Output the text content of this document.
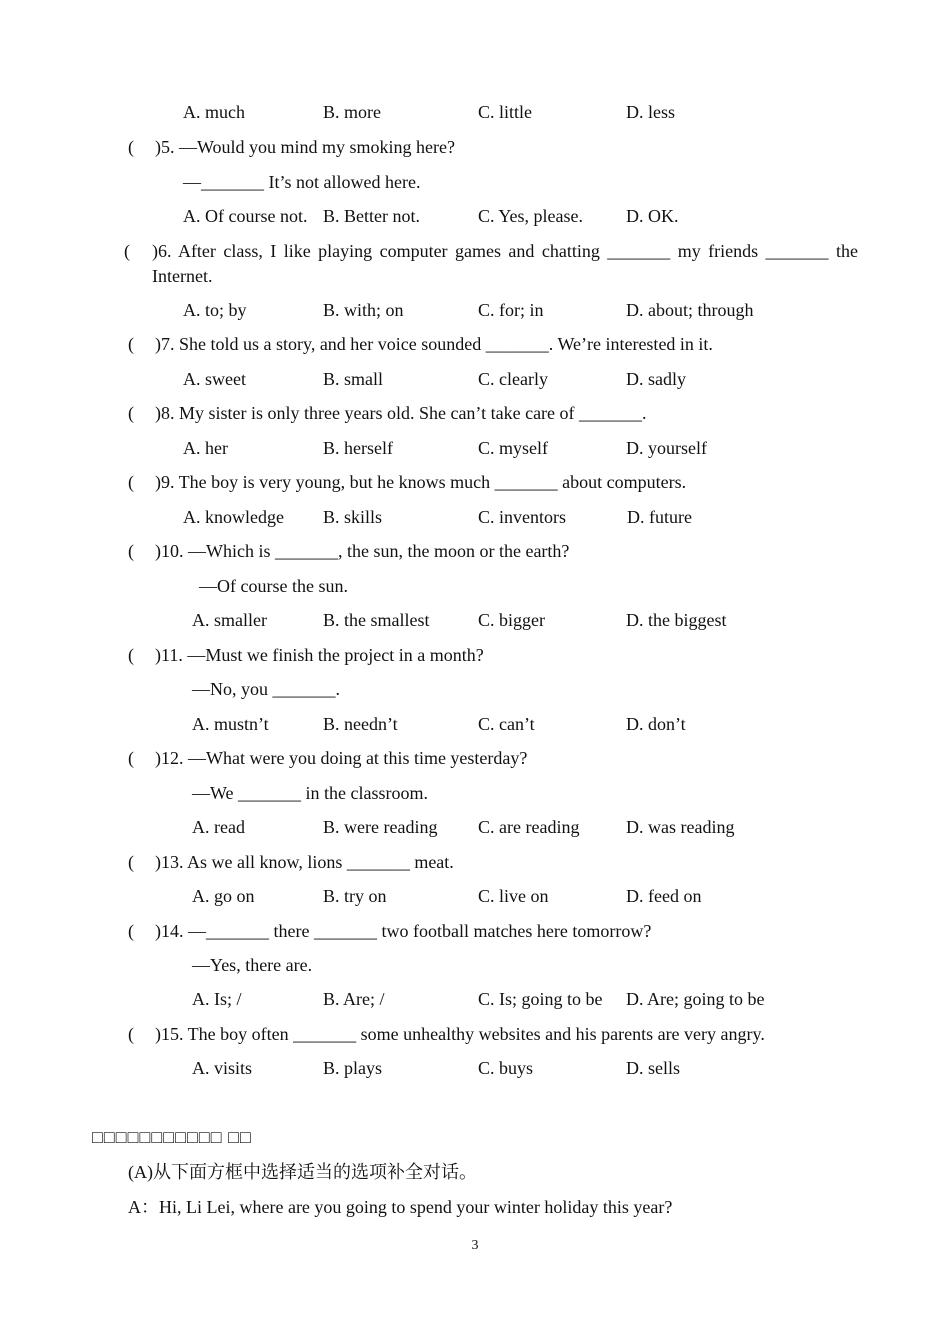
A. much	B. more	C. little	D. less
( )5. —Would you mind my smoking here?
—_______ It’s not allowed here.
A. Of course not. B. Better not.	C. Yes, please. D. OK.
( )6. After class, I like playing computer games and chatting _______ my friends _______ the Internet.
A. to; by	B. with; on	C. for; in	D. about; through
( )7. She told us a story, and her voice sounded _______. We’re interested in it.
A. sweet	B. small	C. clearly	D. sadly
( )8. My sister is only three years old. She can’t take care of _______.
A. her	B. herself	C. myself	D. yourself
( )9. The boy is very young, but he knows much _______ about computers.
A. knowledge B. skills	C. inventors	D. future
( )10. —Which is _______, the sun, the moon or the earth?
—Of course the sun.
A. smaller	B. the smallest	C. bigger	D. the biggest
( )11. —Must we finish the project in a month?
—No, you _______.
A. mustn’t	B. needn’t	C. can’t	D. don’t
( )12. —What were you doing at this time yesterday?
—We _______ in the classroom.
A. read	B. were reading C. are reading	D. was reading
( )13. As we all know, lions _______ meat.
A. go on	B. try on	C. live on	D. feed on
( )14. —_______ there _______ two football matches here tomorrow?
—Yes, there are.
A. Is; /	B. Are; /	C. Is; going to be D. Are; going to be
( )15. The boy often _______ some unhealthy websites and his parents are very angry.
A. visits	B. plays	C. buys	D. sells
□□□□□□□□□□□ □□
(A)从下面方框中选择适当的选项补全对话。
A：Hi, Li Lei, where are you going to spend your winter holiday this year?
3
